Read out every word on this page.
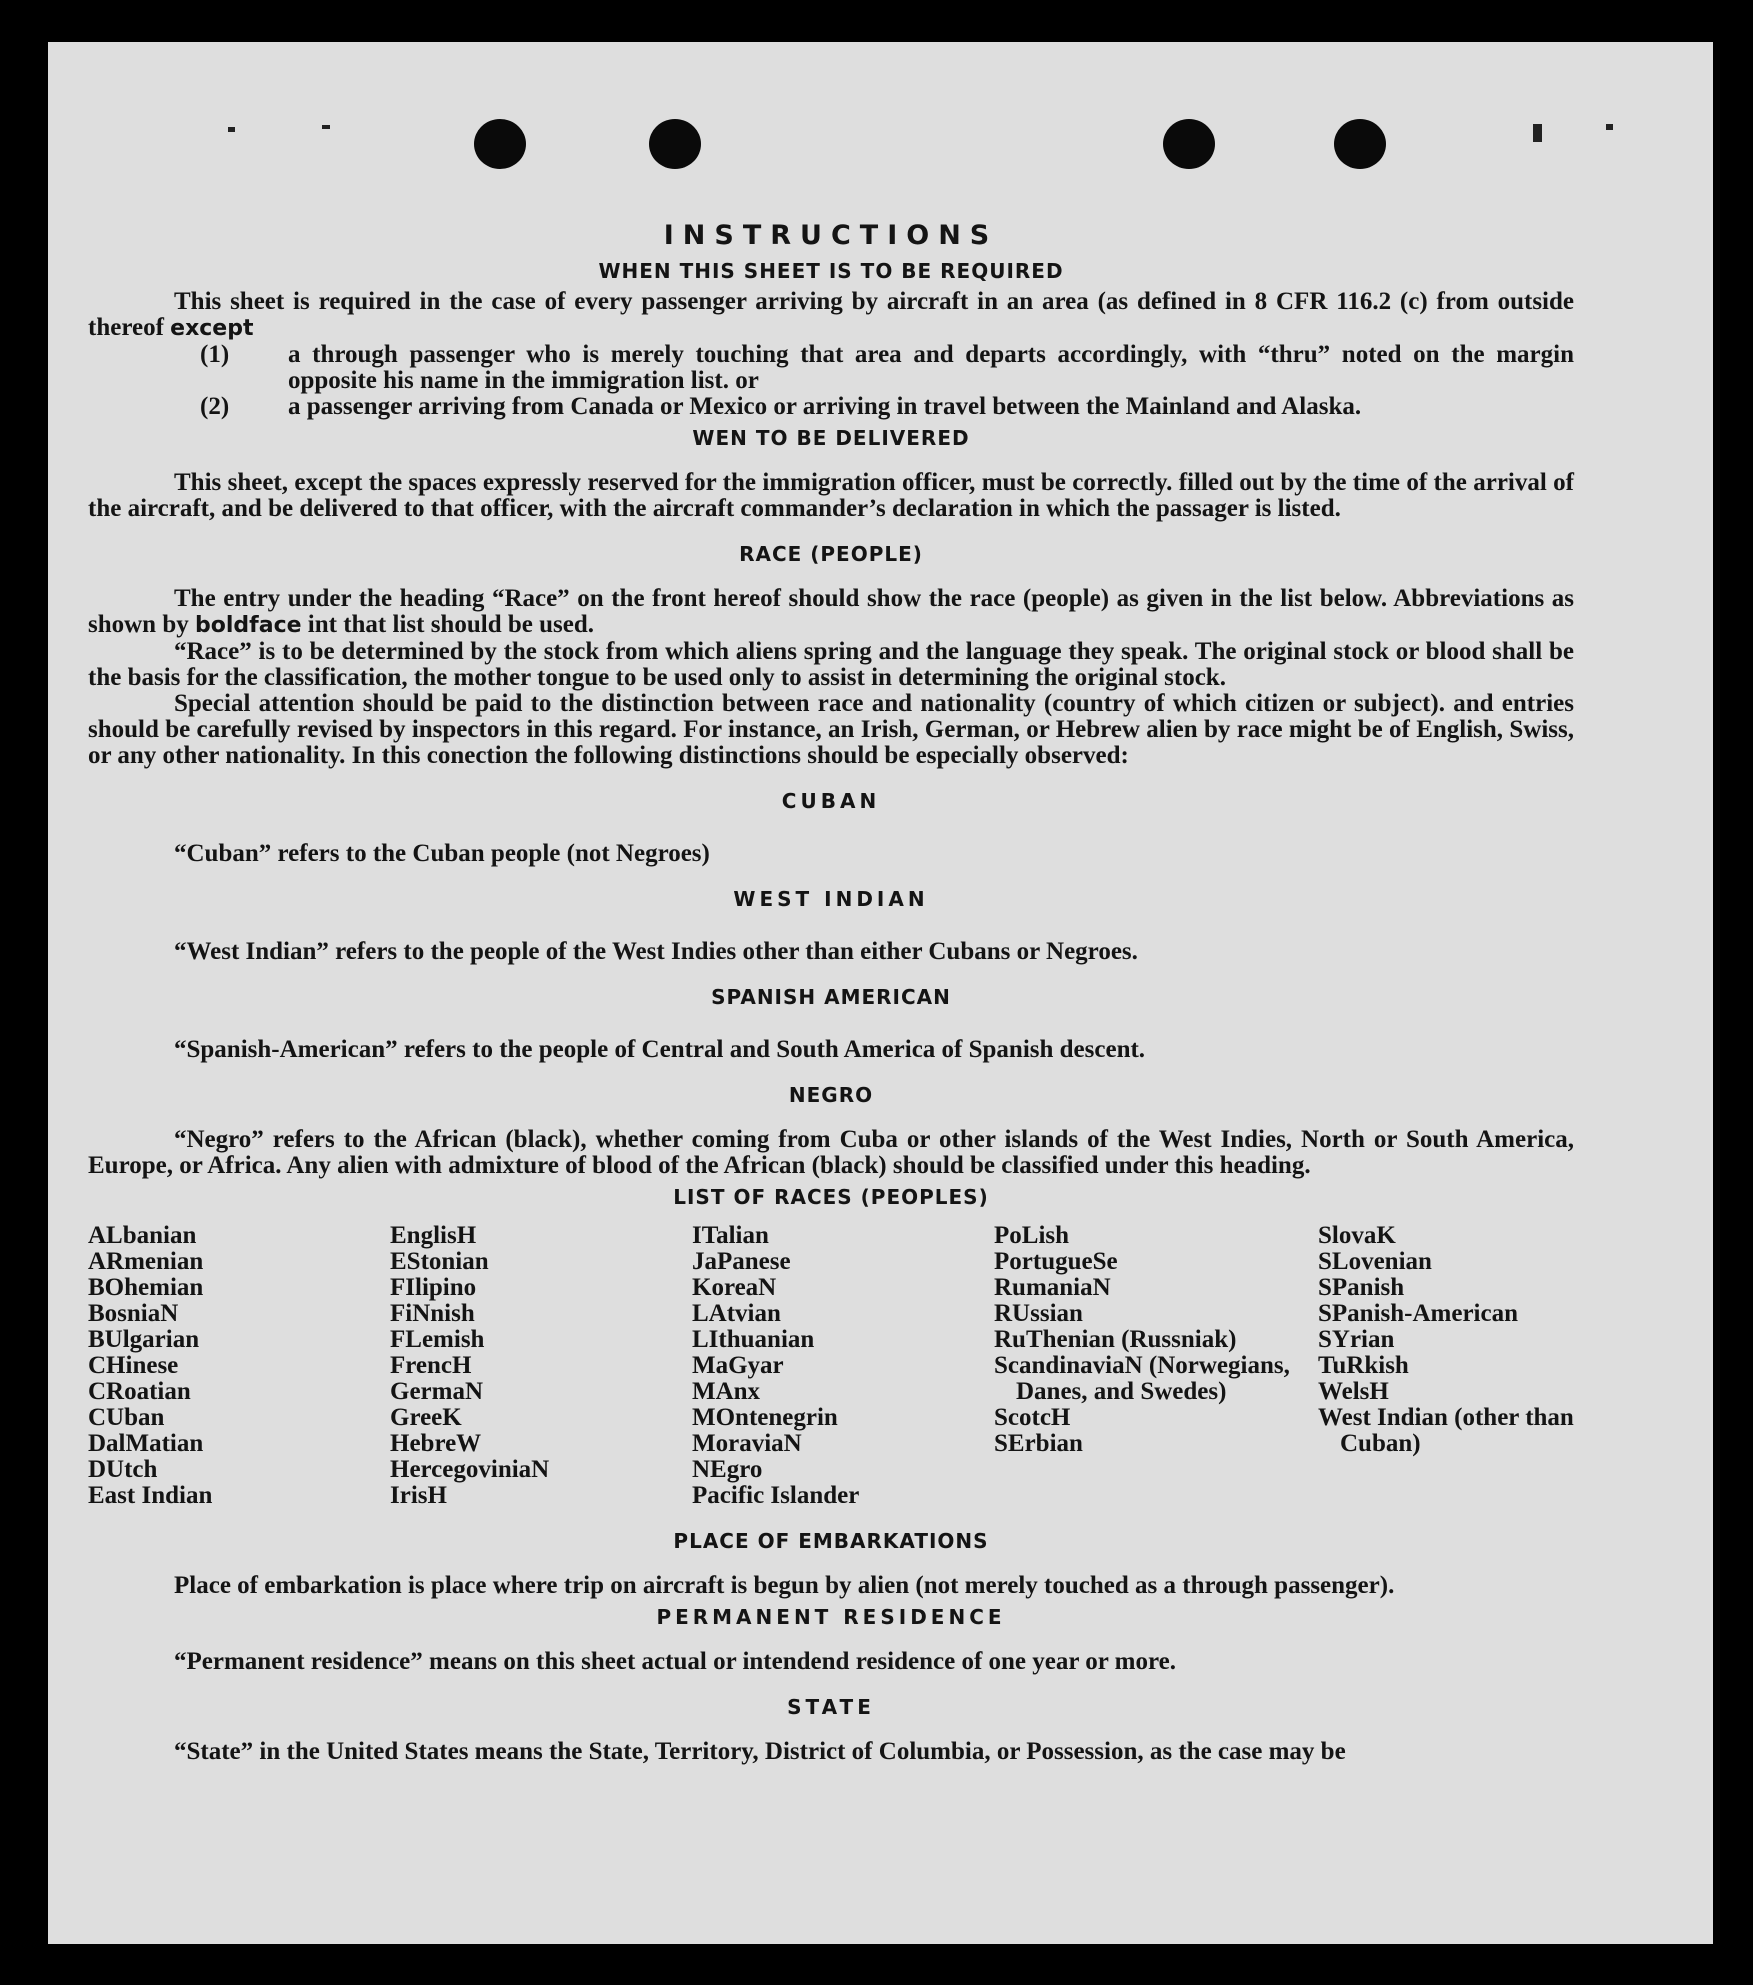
INSTRUCTIONS
WHEN THIS SHEET IS TO BE REQUIRED

This sheet is required in the case of every passenger arriving by aircraft in an area (as defined in 8 CFR 116.2 (c) from outside thereof except

(1) a through passenger who is merely touching that area and departs accordingly, with “thru” noted on the margin opposite his name in the immigration list. or

(2) a passenger arriving from Canada or Mexico or arriving in travel between the Mainland and Alaska.

WEN TO BE DELIVERED

This sheet, except the spaces expressly reserved for the immigration officer, must be correctly. filled out by the time of the arrival of the aircraft, and be delivered to that officer, with the aircraft commander’s declaration in which the passager is listed.

RACE (PEOPLE)

The entry under the heading “Race” on the front hereof should show the race (people) as given in the list below. Abbreviations as shown by boldface int that list should be used.

“Race” is to be determined by the stock from which aliens spring and the language they speak. The original stock or blood shall be the basis for the classification, the mother tongue to be used only to assist in determining the original stock.

Special attention should be paid to the distinction between race and nationality (country of which citizen or subject). and entries should be carefully revised by inspectors in this regard. For instance, an Irish, German, or Hebrew alien by race might be of English, Swiss, or any other nationality. In this conection the following distinctions should be especially observed:

CUBAN

“Cuban” refers to the Cuban people (not Negroes)

WEST INDIAN

“West Indian” refers to the people of the West Indies other than either Cubans or Negroes.

SPANISH AMERICAN

“Spanish-American” refers to the people of Central and South America of Spanish descent.

NEGRO

“Negro” refers to the African (black), whether coming from Cuba or other islands of the West Indies, North or South America, Europe, or Africa. Any alien with admixture of blood of the African (black) should be classified under this heading.

LIST OF RACES (PEOPLES)
ALbanian
ARmenian
BOhemian
BosniaN
BUlgarian
CHinese
CRoatian
CUban
DalMatian
DUtch
East Indian
EnglisH
EStonian
FIlipino
FiNnish
FLemish
FrencH
GermaN
GreeK
HebreW
HercegoviniaN
IrisH
ITalian
JaPanese
KoreaN
LAtvian
LIthuanian
MaGyar
MAnx
MOntenegrin
MoraviaN
NEgro
Pacific Islander
PoLish
PortugueSe
RumaniaN
RUssian
RuThenian (Russniak)
ScandinaviaN (Norwegians, Danes, and Swedes)
ScotcH
SErbian
SlovaK
SLovenian
SPanish
SPanish-American
SYrian
TuRkish
WelsH
West Indian (other than Cuban)
PLACE OF EMBARKATIONS

Place of embarkation is place where trip on aircraft is begun by alien (not merely touched as a through passenger).

PERMANENT RESIDENCE

“Permanent residence” means on this sheet actual or intendend residence of one year or more.

STATE

“State” in the United States means the State, Territory, District of Columbia, or Possession, as the case may be
